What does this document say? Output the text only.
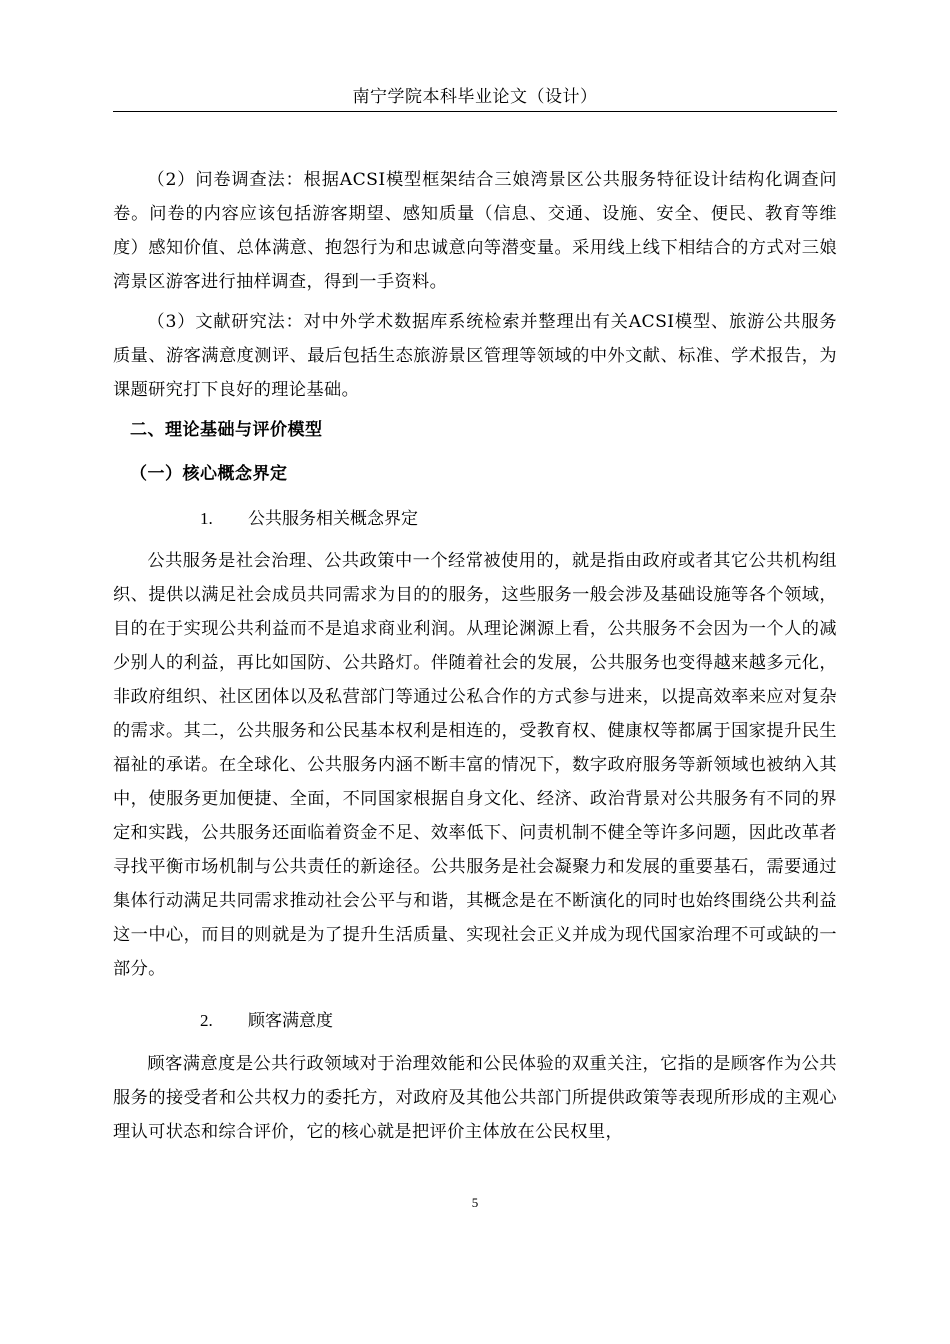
南宁学院本科毕业论文（设计）
（2）问卷调查法：根据ACSI模型框架结合三娘湾景区公共服务特征设计结构化调查问卷。问卷的内容应该包括游客期望、感知质量（信息、交通、设施、安全、便民、教育等维度）感知价值、总体满意、抱怨行为和忠诚意向等潜变量。采用线上线下相结合的方式对三娘湾景区游客进行抽样调查，得到一手资料。
（3）文献研究法：对中外学术数据库系统检索并整理出有关ACSI模型、旅游公共服务质量、游客满意度测评、最后包括生态旅游景区管理等领域的中外文献、标准、学术报告，为课题研究打下良好的理论基础。
二、理论基础与评价模型
（一）核心概念界定
1. 公共服务相关概念界定
公共服务是社会治理、公共政策中一个经常被使用的，就是指由政府或者其它公共机构组织、提供以满足社会成员共同需求为目的的服务，这些服务一般会涉及基础设施等各个领域，目的在于实现公共利益而不是追求商业利润。从理论渊源上看，公共服务不会因为一个人的减少别人的利益，再比如国防、公共路灯。伴随着社会的发展，公共服务也变得越来越多元化，非政府组织、社区团体以及私营部门等通过公私合作的方式参与进来，以提高效率来应对复杂的需求。其二，公共服务和公民基本权利是相连的，受教育权、健康权等都属于国家提升民生福祉的承诺。在全球化、公共服务内涵不断丰富的情况下，数字政府服务等新领域也被纳入其中，使服务更加便捷、全面，不同国家根据自身文化、经济、政治背景对公共服务有不同的界定和实践，公共服务还面临着资金不足、效率低下、问责机制不健全等许多问题，因此改革者寻找平衡市场机制与公共责任的新途径。公共服务是社会凝聚力和发展的重要基石，需要通过集体行动满足共同需求推动社会公平与和谐，其概念是在不断演化的同时也始终围绕公共利益这一中心，而目的则就是为了提升生活质量、实现社会正义并成为现代国家治理不可或缺的一部分。
2. 顾客满意度
顾客满意度是公共行政领域对于治理效能和公民体验的双重关注，它指的是顾客作为公共服务的接受者和公共权力的委托方，对政府及其他公共部门所提供政策等表现所形成的主观心理认可状态和综合评价，它的核心就是把评价主体放在公民权里，
5
